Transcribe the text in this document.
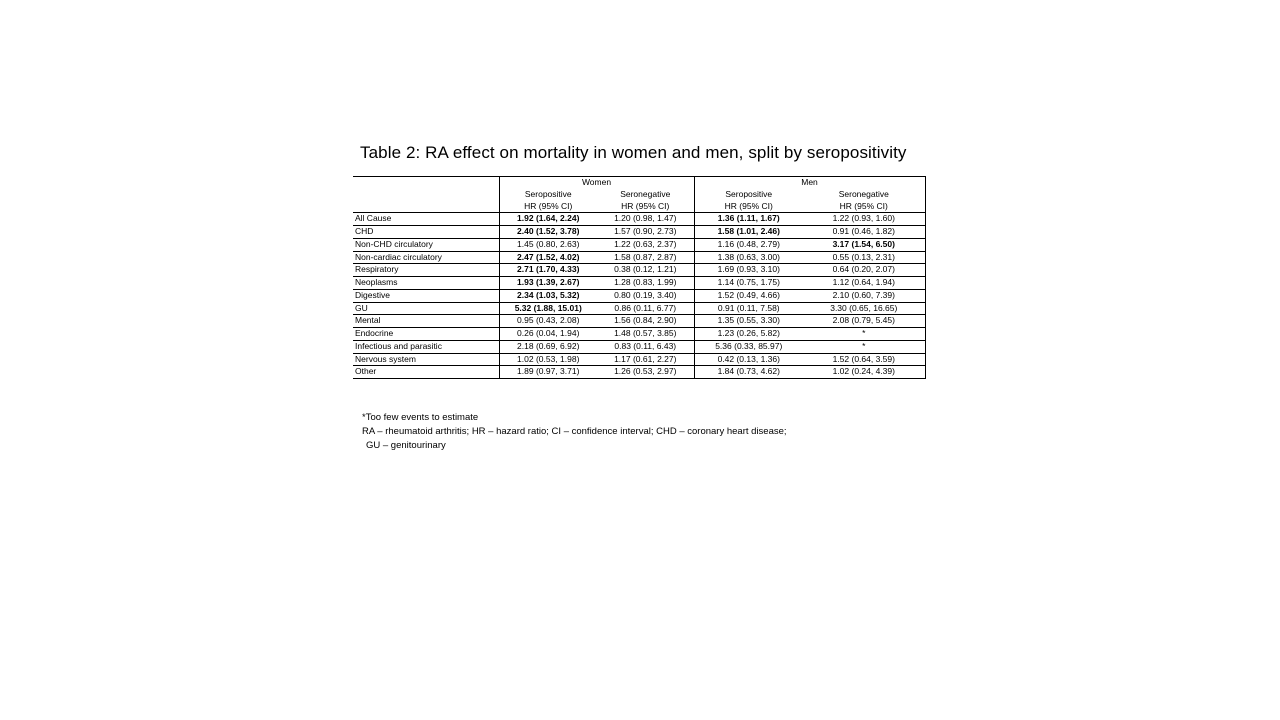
Table 2: RA effect on mortality in women and men, split by seropositivity
	Women		Men	
	Seropositive	Seronegative	Seropositive	Seronegative
	HR (95% CI)	HR (95% CI)	HR (95% CI)	HR (95% CI)
All Cause	1.92 (1.64, 2.24)	1.20 (0.98, 1.47)	1.36 (1.11, 1.67)	1.22 (0.93, 1.60)
CHD	2.40 (1.52, 3.78)	1.57 (0.90, 2.73)	1.58 (1.01, 2.46)	0.91 (0.46, 1.82)
Non-CHD circulatory	1.45 (0.80, 2.63)	1.22 (0.63, 2.37)	1.16 (0.48, 2.79)	3.17 (1.54, 6.50)
Non-cardiac circulatory	2.47 (1.52, 4.02)	1.58 (0.87, 2.87)	1.38 (0.63, 3.00)	0.55 (0.13, 2.31)
Respiratory	2.71 (1.70, 4.33)	0.38 (0.12, 1.21)	1.69 (0.93, 3.10)	0.64 (0.20, 2.07)
Neoplasms	1.93 (1.39, 2.67)	1.28 (0.83, 1.99)	1.14 (0.75, 1.75)	1.12 (0.64, 1.94)
Digestive	2.34 (1.03, 5.32)	0.80 (0.19, 3.40)	1.52 (0.49, 4.66)	2.10 (0.60, 7.39)
GU	5.32 (1.88, 15.01)	0.86 (0.11, 6.77)	0.91 (0.11, 7.58)	3.30 (0.65, 16.65)
Mental	0.95 (0.43, 2.08)	1.56 (0.84, 2.90)	1.35 (0.55, 3.30)	2.08 (0.79, 5.45)
Endocrine	0.26 (0.04, 1.94)	1.48 (0.57, 3.85)	1.23 (0.26, 5.82)	*
Infectious and parasitic	2.18 (0.69, 6.92)	0.83 (0.11, 6.43)	5.36 (0.33, 85.97)	*
Nervous system	1.02 (0.53, 1.98)	1.17 (0.61, 2.27)	0.42 (0.13, 1.36)	1.52 (0.64, 3.59)
Other	1.89 (0.97, 3.71)	1.26 (0.53, 2.97)	1.84 (0.73, 4.62)	1.02 (0.24, 4.39)
*Too few events to estimate
RA – rheumatoid arthritis; HR – hazard ratio; CI – confidence interval; CHD – coronary heart disease;
GU – genitourinary
